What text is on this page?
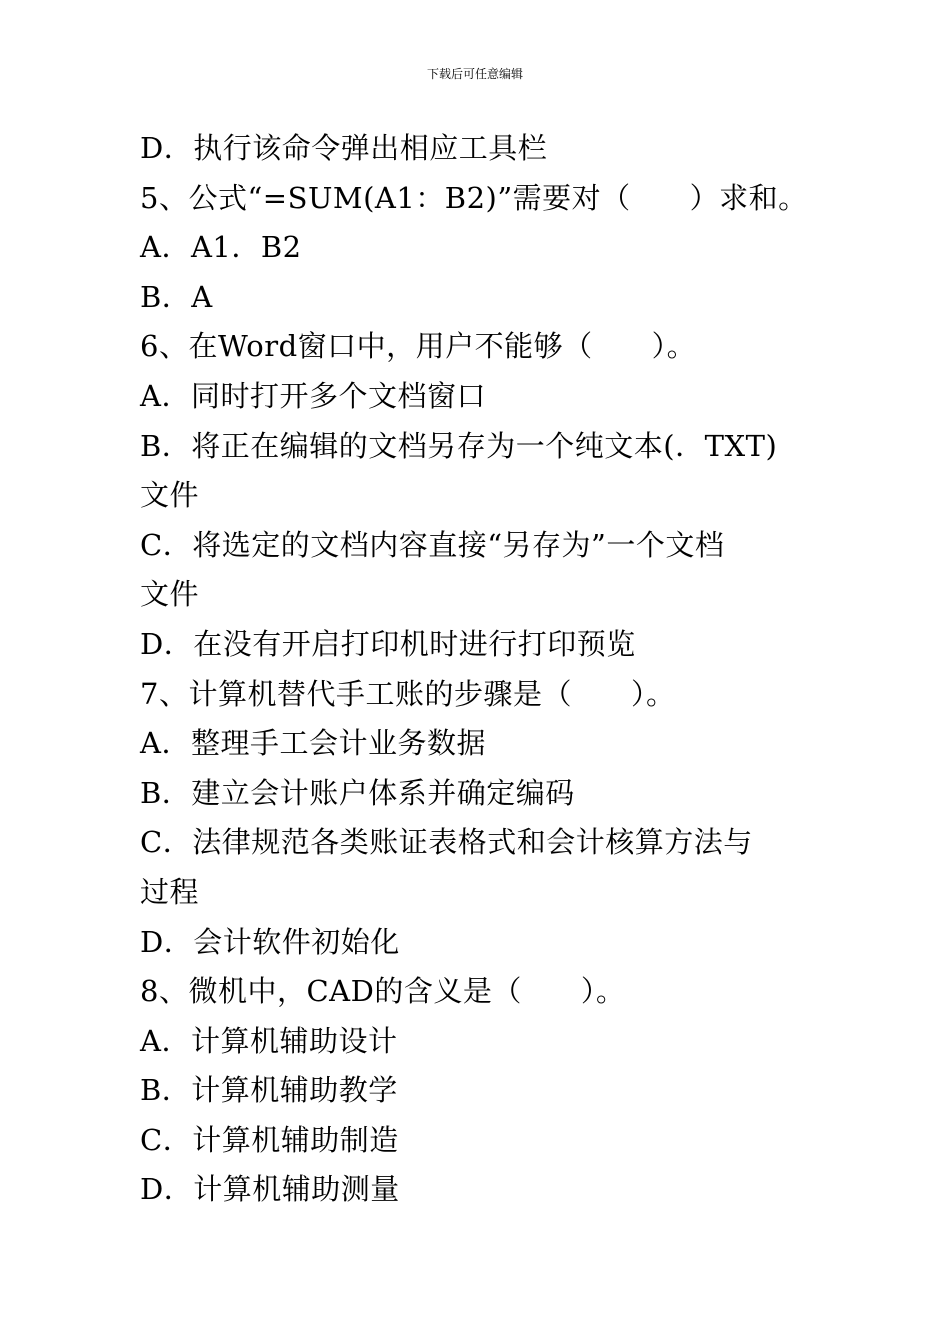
下载后可任意编辑
D．执行该命令弹出相应工具栏
5、公式“=SUM(A1：B2)”需要对（　　）求和。
A．A1．B2
B．A
6、在Word窗口中，用户不能够（　　）。
A．同时打开多个文档窗口
B．将正在编辑的文档另存为一个纯文本(．TXT)
文件
C．将选定的文档内容直接“另存为”一个文档
文件
D．在没有开启打印机时进行打印预览
7、计算机替代手工账的步骤是（　　）。
A．整理手工会计业务数据
B．建立会计账户体系并确定编码
C．法律规范各类账证表格式和会计核算方法与
过程
D．会计软件初始化
8、微机中，CAD的含义是（　　）。
A．计算机辅助设计
B．计算机辅助教学
C．计算机辅助制造
D．计算机辅助测量
